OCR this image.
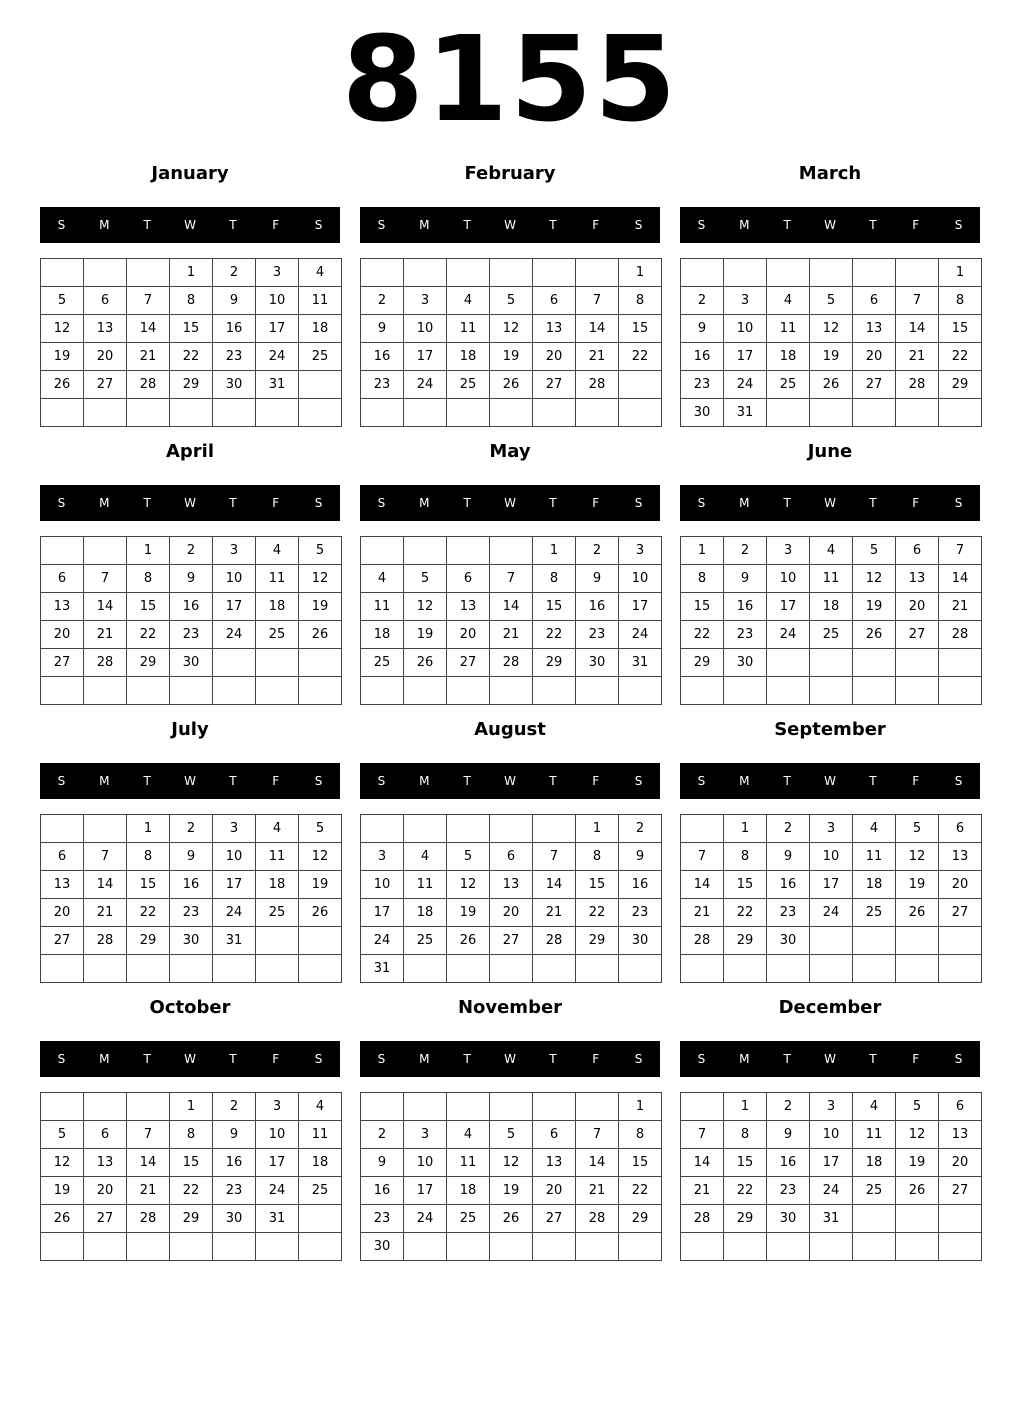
8155
January
S	M	T	W	T	F	S
			1	2	3	4
5	6	7	8	9	10	11
12	13	14	15	16	17	18
19	20	21	22	23	24	25
26	27	28	29	30	31	

February
S	M	T	W	T	F	S
						1
2	3	4	5	6	7	8
9	10	11	12	13	14	15
16	17	18	19	20	21	22
23	24	25	26	27	28	

March
S	M	T	W	T	F	S
						1
2	3	4	5	6	7	8
9	10	11	12	13	14	15
16	17	18	19	20	21	22
23	24	25	26	27	28	29
30	31					
April
S	M	T	W	T	F	S
		1	2	3	4	5
6	7	8	9	10	11	12
13	14	15	16	17	18	19
20	21	22	23	24	25	26
27	28	29	30			

May
S	M	T	W	T	F	S
				1	2	3
4	5	6	7	8	9	10
11	12	13	14	15	16	17
18	19	20	21	22	23	24
25	26	27	28	29	30	31

June
S	M	T	W	T	F	S
1	2	3	4	5	6	7
8	9	10	11	12	13	14
15	16	17	18	19	20	21
22	23	24	25	26	27	28
29	30					

July
S	M	T	W	T	F	S
		1	2	3	4	5
6	7	8	9	10	11	12
13	14	15	16	17	18	19
20	21	22	23	24	25	26
27	28	29	30	31		

August
S	M	T	W	T	F	S
					1	2
3	4	5	6	7	8	9
10	11	12	13	14	15	16
17	18	19	20	21	22	23
24	25	26	27	28	29	30
31						
September
S	M	T	W	T	F	S
	1	2	3	4	5	6
7	8	9	10	11	12	13
14	15	16	17	18	19	20
21	22	23	24	25	26	27
28	29	30				

October
S	M	T	W	T	F	S
			1	2	3	4
5	6	7	8	9	10	11
12	13	14	15	16	17	18
19	20	21	22	23	24	25
26	27	28	29	30	31	

November
S	M	T	W	T	F	S
						1
2	3	4	5	6	7	8
9	10	11	12	13	14	15
16	17	18	19	20	21	22
23	24	25	26	27	28	29
30						
December
S	M	T	W	T	F	S
	1	2	3	4	5	6
7	8	9	10	11	12	13
14	15	16	17	18	19	20
21	22	23	24	25	26	27
28	29	30	31			
